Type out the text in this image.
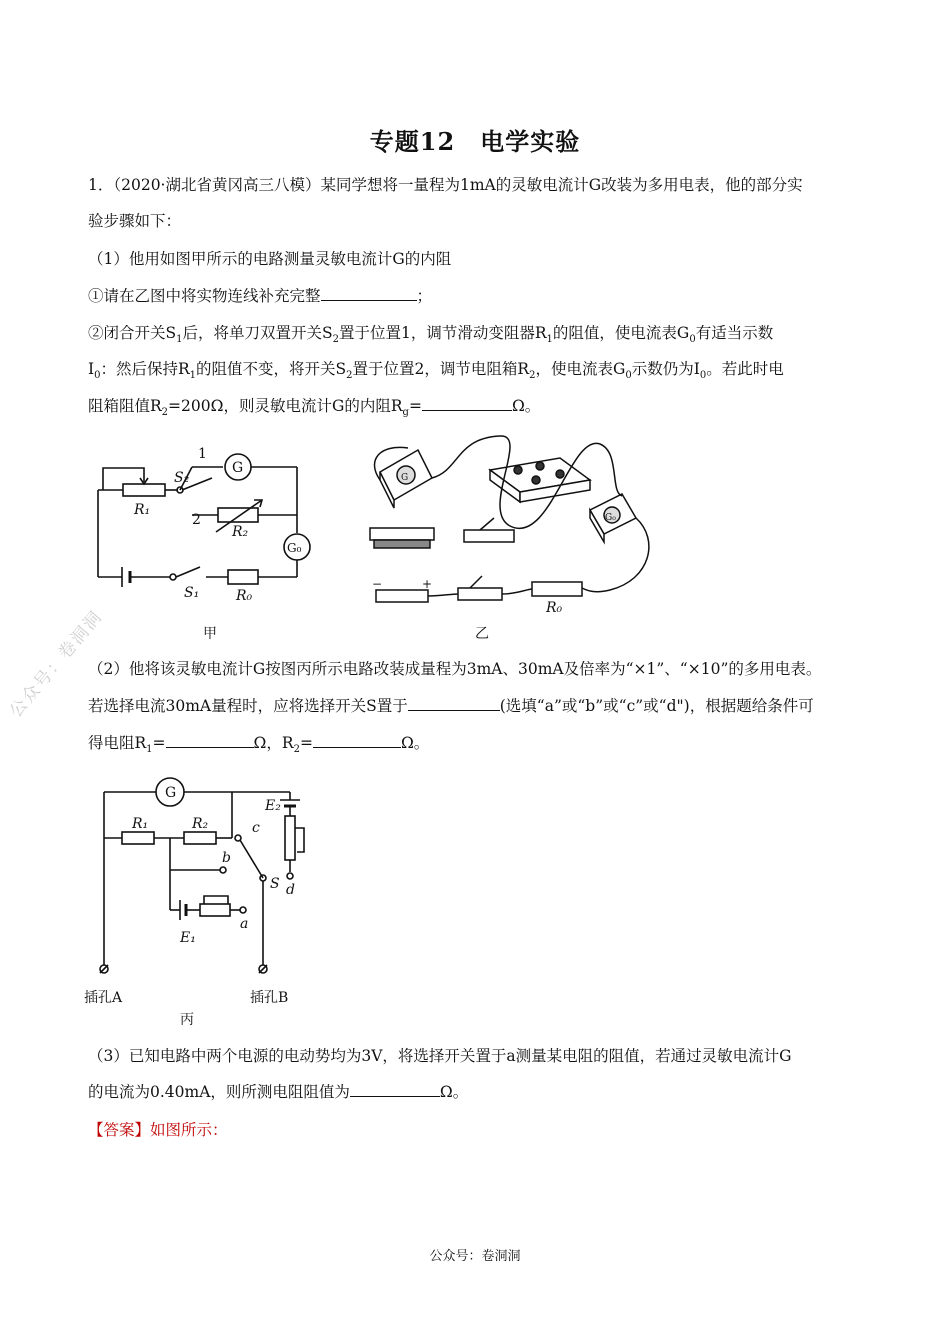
公众号：卷洞洞
专题12　电学实验
1．（2020·湖北省黄冈高三八模）某同学想将一量程为1mA的灵敏电流计G改装为多用电表，他的部分实
验步骤如下：
（1）他用如图甲所示的电路测量灵敏电流计G的内阻
①请在乙图中将实物连线补充完整	；
②闭合开关$S_1$后，将单刀双置开关$S_2$置于位置1，调节滑动变阻器$R_1$的阻值，使电流表$G_0$有适当示数
$I_0$：然后保持$R_1$的阻值不变，将开关$S_2$置于位置2，调节电阻箱$R_2$，使电流表$G_0$示数仍为$I_0$。若此时电
阻箱阻值$R_2=200\Omega$，则灵敏电流计G的内阻$R_g=$	Ω。
1
S₂
R₁
2
R₂
G
G₀
S₁	R₀
甲
G
G₀
−	+
R₀
乙
（2）他将该灵敏电流计G按图丙所示电路改装成量程为3mA、30mA及倍率为“×1”、“×10”的多用电表。
若选择电流30mA量程时，应将选择开关S置于	(选填“a”或“b”或“c”或“d")，根据题给条件可
得电阻$R_1=$	Ω，$R_2=$	Ω。
G
R₁	R₂
E₂
c
b
S d
a
E₁
插孔A	插孔B
丙
（3）已知电路中两个电源的电动势均为3V，将选择开关置于a测量某电阻的阻值，若通过灵敏电流计G
的电流为0.40mA，则所测电阻阻值为	Ω。
【答案】如图所示：
公众号：卷洞洞
